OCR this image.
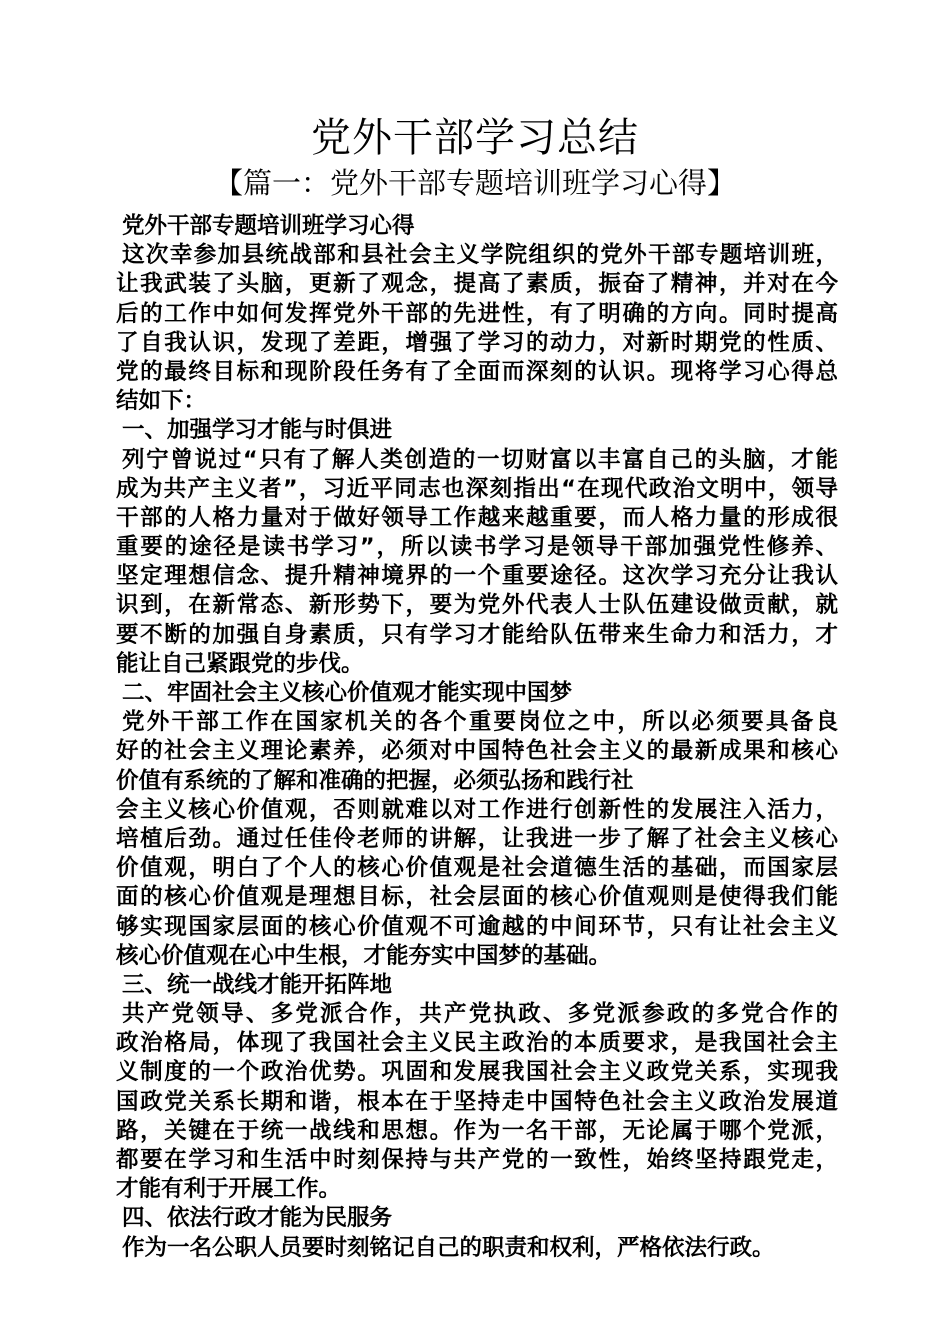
党外干部学习总结
【篇一：党外干部专题培训班学习心得】
党外干部专题培训班学习心得
这次幸参加县统战部和县社会主义学院组织的党外干部专题培训班，
让我武装了头脑，更新了观念，提高了素质，振奋了精神，并对在今
后的工作中如何发挥党外干部的先进性，有了明确的方向。同时提高
了自我认识，发现了差距，增强了学习的动力，对新时期党的性质、
党的最终目标和现阶段任务有了全面而深刻的认识。现将学习心得总
结如下：
一、加强学习才能与时俱进
列宁曾说过“只有了解人类创造的一切财富以丰富自己的头脑，才能
成为共产主义者”，习近平同志也深刻指出“在现代政治文明中，领导
干部的人格力量对于做好领导工作越来越重要，而人格力量的形成很
重要的途径是读书学习”，所以读书学习是领导干部加强党性修养、
坚定理想信念、提升精神境界的一个重要途径。这次学习充分让我认
识到，在新常态、新形势下，要为党外代表人士队伍建设做贡献，就
要不断的加强自身素质，只有学习才能给队伍带来生命力和活力，才
能让自己紧跟党的步伐。
二、牢固社会主义核心价值观才能实现中国梦
党外干部工作在国家机关的各个重要岗位之中，所以必须要具备良
好的社会主义理论素养，必须对中国特色社会主义的最新成果和核心
价值有系统的了解和准确的把握，必须弘扬和践行社
会主义核心价值观，否则就难以对工作进行创新性的发展注入活力，
培植后劲。通过任佳伶老师的讲解，让我进一步了解了社会主义核心
价值观，明白了个人的核心价值观是社会道德生活的基础，而国家层
面的核心价值观是理想目标，社会层面的核心价值观则是使得我们能
够实现国家层面的核心价值观不可逾越的中间环节，只有让社会主义
核心价值观在心中生根，才能夯实中国梦的基础。
三、统一战线才能开拓阵地
共产党领导、多党派合作，共产党执政、多党派参政的多党合作的
政治格局，体现了我国社会主义民主政治的本质要求，是我国社会主
义制度的一个政治优势。巩固和发展我国社会主义政党关系，实现我
国政党关系长期和谐，根本在于坚持走中国特色社会主义政治发展道
路，关键在于统一战线和思想。作为一名干部，无论属于哪个党派，
都要在学习和生活中时刻保持与共产党的一致性，始终坚持跟党走，
才能有利于开展工作。
四、依法行政才能为民服务
作为一名公职人员要时刻铭记自己的职责和权利，严格依法行政。
